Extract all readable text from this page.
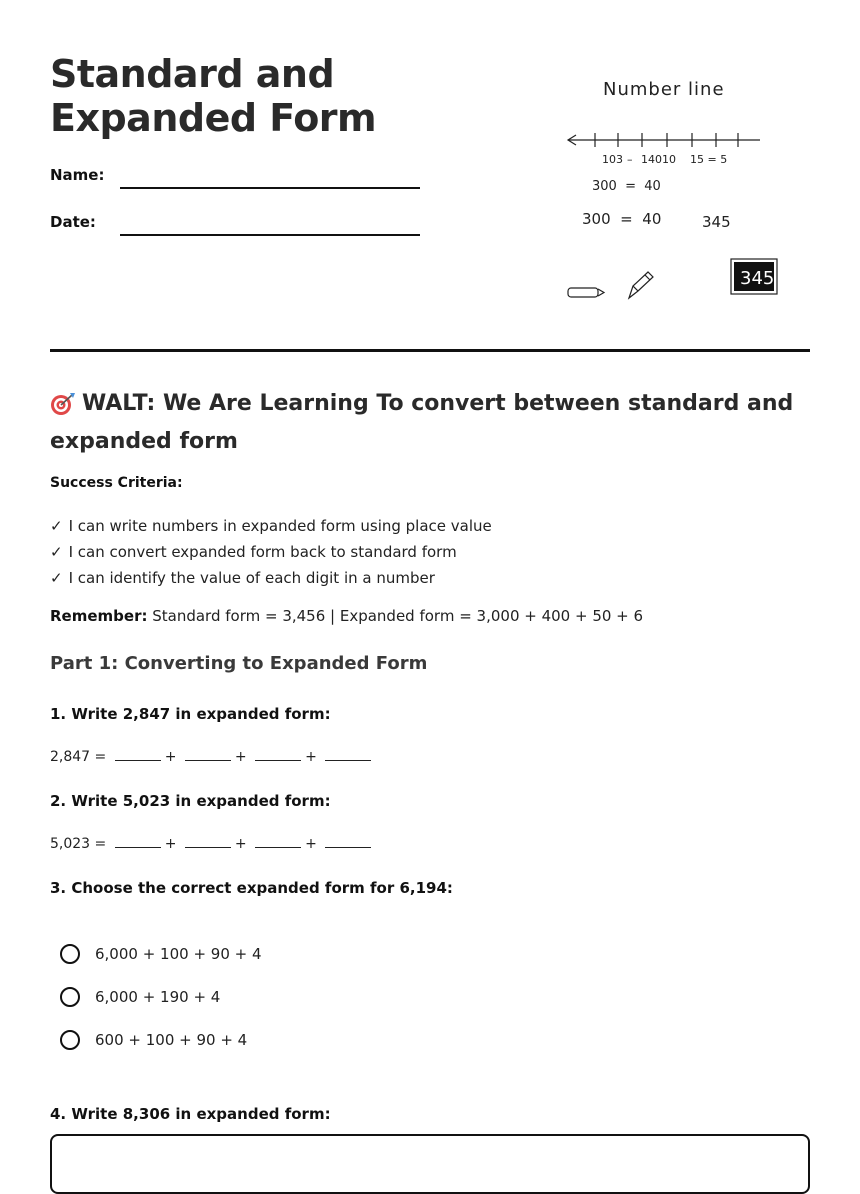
Standard and Expanded Form
Name:
Date:
Number line
103 – 14010 15 = 5
300  =  40
300  =  40	345
345
WALT: We Are Learning To convert between standard and expanded form
Success Criteria:
✓ I can write numbers in expanded form using place value
✓ I can convert expanded form back to standard form
✓ I can identify the value of each digit in a number
Remember: Standard form = 3,456 | Expanded form = 3,000 + 400 + 50 + 6
Part 1: Converting to Expanded Form
1. Write 2,847 in expanded form:
2,847 =	+	+	+
2. Write 5,023 in expanded form:
5,023 =	+	+	+
3. Choose the correct expanded form for 6,194:
6,000 + 100 + 90 + 4
6,000 + 190 + 4
600 + 100 + 90 + 4
4. Write 8,306 in expanded form:
